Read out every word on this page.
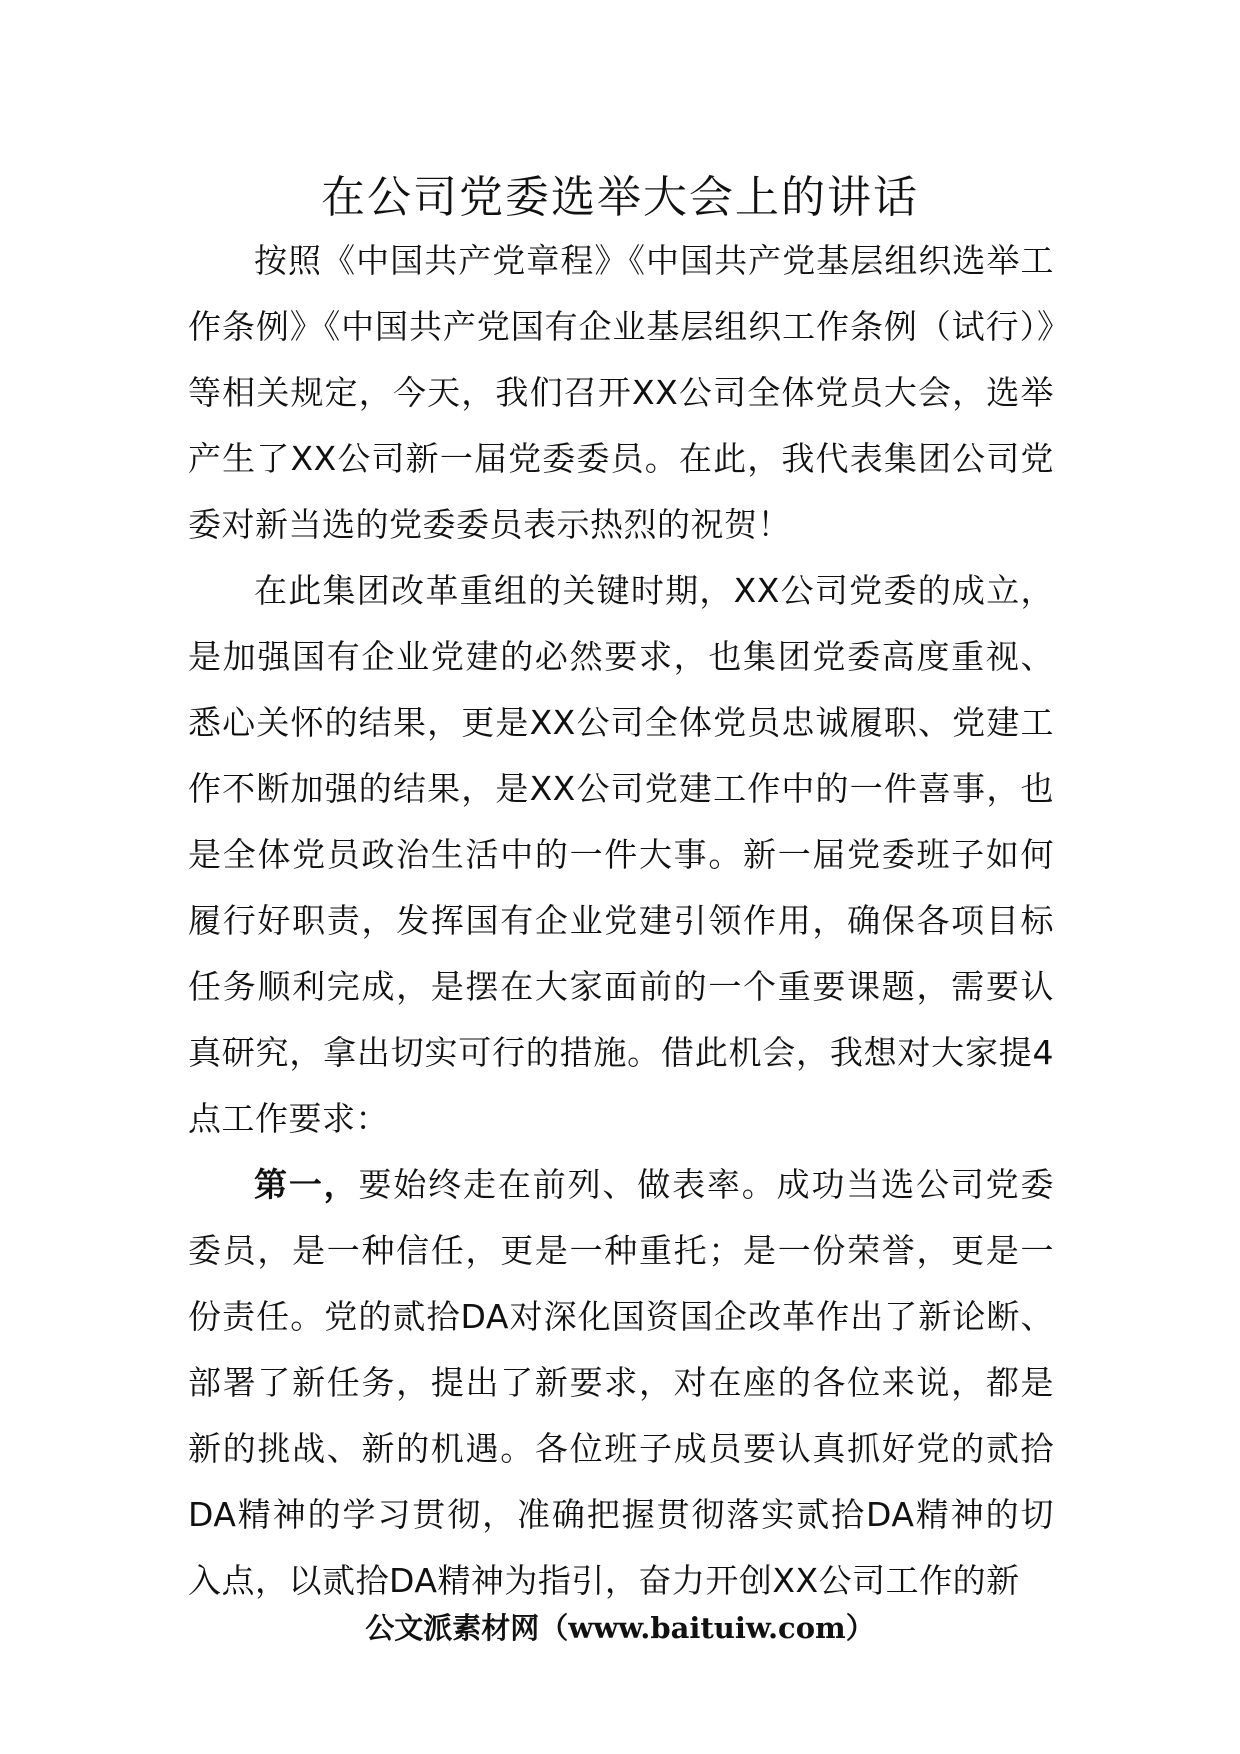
在公司党委选举大会上的讲话

按照《中国共产党章程》《中国共产党基层组织选举工作条例》《中国共产党国有企业基层组织工作条例（试行）》等相关规定，今天，我们召开XX公司全体党员大会，选举产生了XX公司新一届党委委员。在此，我代表集团公司党委对新当选的党委委员表示热烈的祝贺！

在此集团改革重组的关键时期，XX公司党委的成立，是加强国有企业党建的必然要求，也集团党委高度重视、悉心关怀的结果，更是XX公司全体党员忠诚履职、党建工作不断加强的结果，是XX公司党建工作中的一件喜事，也是全体党员政治生活中的一件大事。新一届党委班子如何履行好职责，发挥国有企业党建引领作用，确保各项目标任务顺利完成，是摆在大家面前的一个重要课题，需要认真研究，拿出切实可行的措施。借此机会，我想对大家提4点工作要求：

第一，要始终走在前列、做表率。成功当选公司党委委员，是一种信任，更是一种重托；是一份荣誉，更是一份责任。党的贰拾DA对深化国资国企改革作出了新论断、部署了新任务，提出了新要求，对在座的各位来说，都是新的挑战、新的机遇。各位班子成员要认真抓好党的贰拾DA精神的学习贯彻，准确把握贯彻落实贰拾DA精神的切入点，以贰拾DA精神为指引，奋力开创XX公司工作的新

公文派素材网（www.baituiw.com）
